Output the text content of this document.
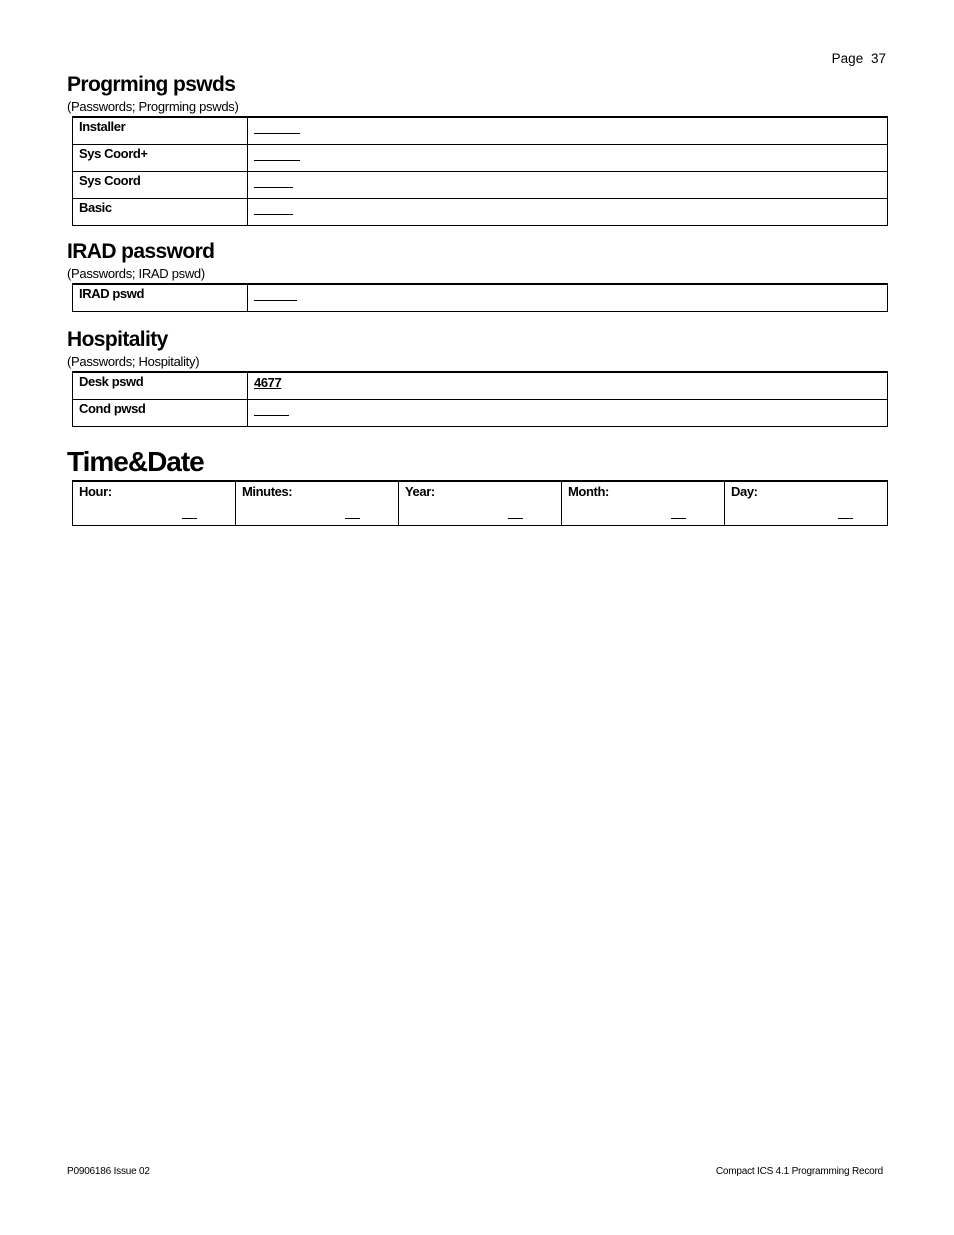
Page 37
Progrming pswds

(Passwords; Progrming pswds)

Installer	
Sys Coord+	
Sys Coord	
Basic	
IRAD password

(Passwords; IRAD pswd)

IRAD pswd	
Hospitality

(Passwords; Hospitality)

Desk pswd	4677
Cond pwsd	
Time&Date
Hour:	Minutes:	Year:	Month:	Day:
P0906186 Issue 02	Compact ICS 4.1 Programming Record
